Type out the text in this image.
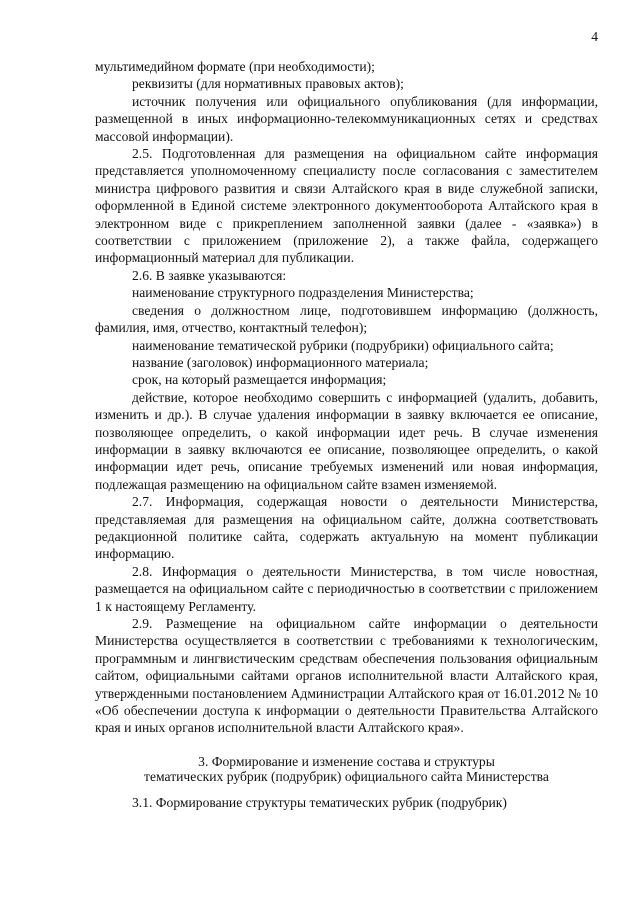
4

мультимедийном формате (при необходимости);

реквизиты (для нормативных правовых актов);

источник получения или официального опубликования (для информации, размещенной в иных информационно-телекоммуникационных сетях и средствах массовой информации).

2.5. Подготовленная для размещения на официальном сайте информация представляется уполномоченному специалисту после согласования с заместителем министра цифрового развития и связи Алтайского края в виде служебной записки, оформленной в Единой системе электронного документооборота Алтайского края в электронном виде с прикреплением заполненной заявки (далее - «заявка») в соответствии с приложением (приложение 2), а также файла, содержащего информационный материал для публикации.

2.6. В заявке указываются:

наименование структурного подразделения Министерства;

сведения о должностном лице, подготовившем информацию (должность, фамилия, имя, отчество, контактный телефон);

наименование тематической рубрики (подрубрики) официального сайта;

название (заголовок) информационного материала;

срок, на который размещается информация;

действие, которое необходимо совершить с информацией (удалить, добавить, изменить и др.). В случае удаления информации в заявку включается ее описание, позволяющее определить, о какой информации идет речь. В случае изменения информации в заявку включаются ее описание, позволяющее определить, о какой информации идет речь, описание требуемых изменений или новая информация, подлежащая размещению на официальном сайте взамен изменяемой.

2.7. Информация, содержащая новости о деятельности Министерства, представляемая для размещения на официальном сайте, должна соответствовать редакционной политике сайта, содержать актуальную на момент публикации информацию.

2.8. Информация о деятельности Министерства, в том числе новостная, размещается на официальном сайте с периодичностью в соответствии с приложением 1 к настоящему Регламенту.

2.9. Размещение на официальном сайте информации о деятельности Министерства осуществляется в соответствии с требованиями к технологическим, программным и лингвистическим средствам обеспечения пользования официальным сайтом, официальными сайтами органов исполнительной власти Алтайского края, утвержденными постановлением Администрации Алтайского края от 16.01.2012 № 10 «Об обеспечении доступа к информации о деятельности Правительства Алтайского края и иных органов исполнительной власти Алтайского края».

3. Формирование и изменение состава и структуры

тематических рубрик (подрубрик) официального сайта Министерства

3.1. Формирование структуры тематических рубрик (подрубрик)
